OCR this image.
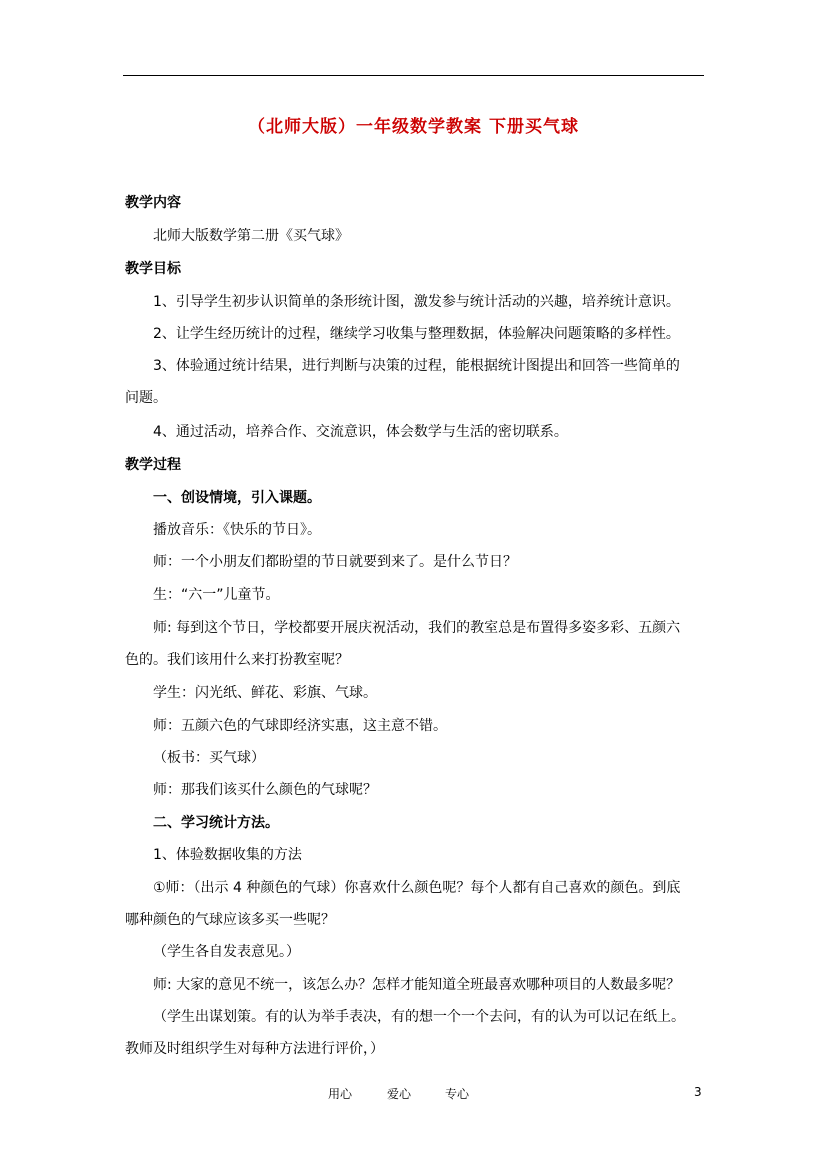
（北师大版）一年级数学教案 下册买气球
教学内容
北师大版数学第二册《买气球》
教学目标
1、引导学生初步认识简单的条形统计图，激发参与统计活动的兴趣，培养统计意识。
2、让学生经历统计的过程，继续学习收集与整理数据，体验解决问题策略的多样性。
3、体验通过统计结果，进行判断与决策的过程，能根据统计图提出和回答一些简单的
问题。
4、通过活动，培养合作、交流意识，体会数学与生活的密切联系。
教学过程
一、创设情境，引入课题。
播放音乐：《快乐的节日》。
师：一个小朋友们都盼望的节日就要到来了。是什么节日？
生：“六一”儿童节。
师: 每到这个节日，学校都要开展庆祝活动，我们的教室总是布置得多姿多彩、五颜六
色的。我们该用什么来打扮教室呢？
学生：闪光纸、鲜花、彩旗、气球。
师：五颜六色的气球即经济实惠，这主意不错。
（板书：买气球）
师：那我们该买什么颜色的气球呢？
二、学习统计方法。
1、体验数据收集的方法
①师：（出示 4 种颜色的气球）你喜欢什么颜色呢？每个人都有自己喜欢的颜色。到底
哪种颜色的气球应该多买一些呢？
（学生各自发表意见。）
师: 大家的意见不统一，该怎么办？怎样才能知道全班最喜欢哪种项目的人数最多呢？
（学生出谋划策。有的认为举手表决，有的想一个一个去问，有的认为可以记在纸上。
教师及时组织学生对每种方法进行评价，）
用心	爱心	专心	3
